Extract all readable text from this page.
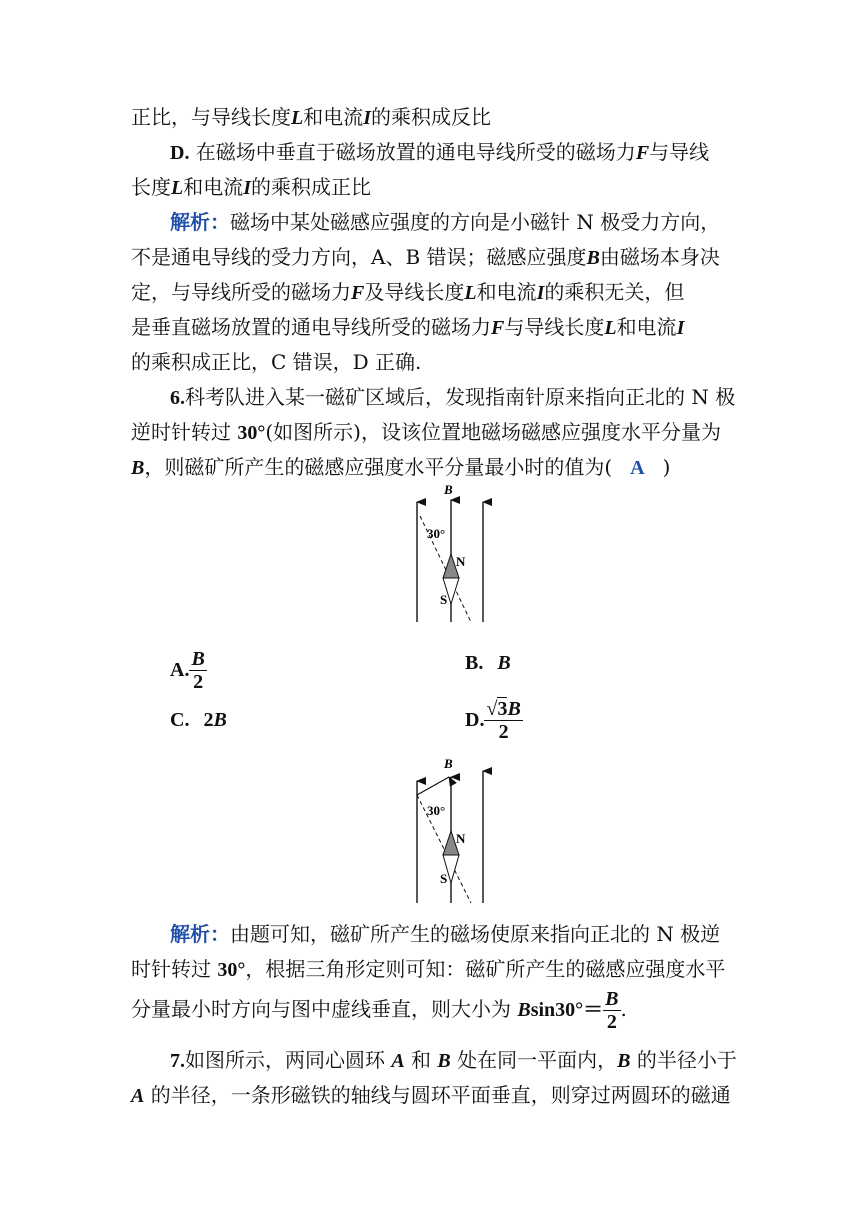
正比，与导线长度L和电流I的乘积成反比
D. 在磁场中垂直于磁场放置的通电导线所受的磁场力F与导线
长度L和电流I的乘积成正比
解析：磁场中某处磁感应强度的方向是小磁针 N 极受力方向，
不是通电导线的受力方向，A、B 错误；磁感应强度B由磁场本身决
定，与导线所受的磁场力F及导线长度L和电流I的乘积无关，但
是垂直磁场放置的通电导线所受的磁场力F与导线长度L和电流I
的乘积成正比，C 错误，D 正确.
6.科考队进入某一磁矿区域后，发现指南针原来指向正北的 N 极
逆时针转过 30°(如图所示)，设该位置地磁场磁感应强度水平分量为
B，则磁矿所产生的磁感应强度水平分量最小时的值为( A )
B
30°
N
S
A. $\frac{B}{2}$	B. B
C. 2B	D. $\frac{√3B}{2}$
B
30°
N
S
解析：由题可知，磁矿所产生的磁场使原来指向正北的 N 极逆
时针转过 30°，根据三角形定则可知：磁矿所产生的磁感应强度水平
分量最小时方向与图中虚线垂直，则大小为 $Bsin30^\circ= \frac{B}{2}$ .
7.如图所示，两同心圆环 A 和 B 处在同一平面内，B 的半径小于
A 的半径，一条形磁铁的轴线与圆环平面垂直，则穿过两圆环的磁通
